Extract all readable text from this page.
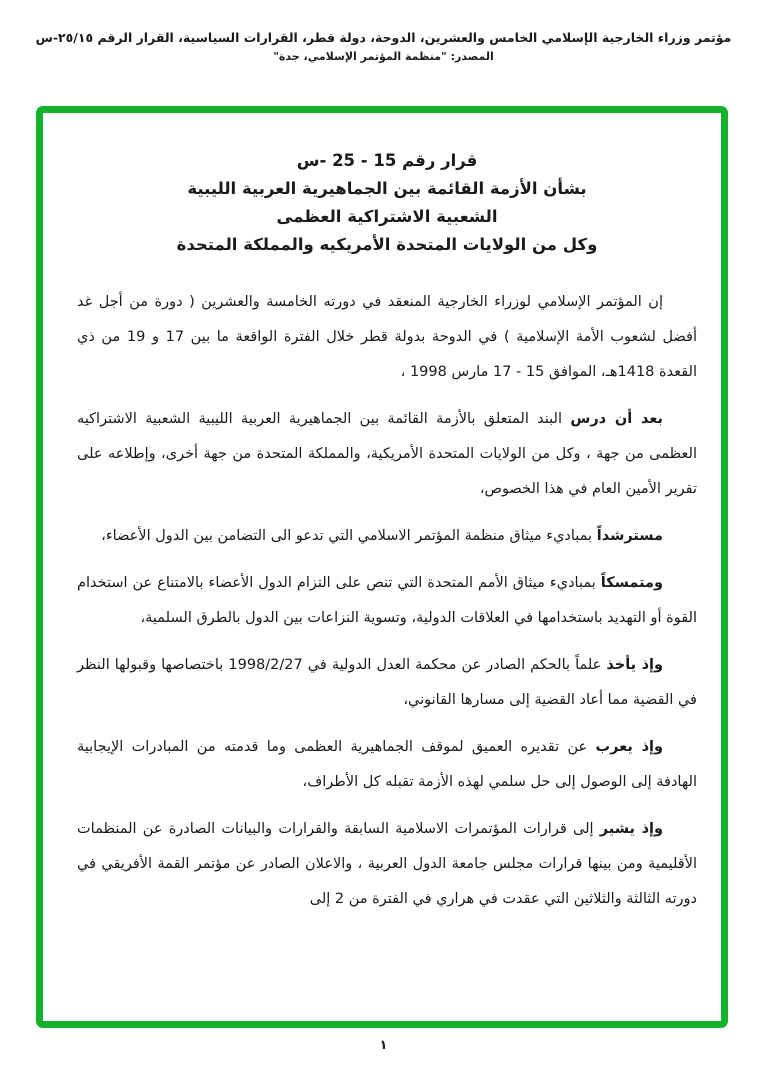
مؤتمر وزراء الخارجية الإسلامي الخامس والعشرين، الدوحة، دولة قطر، القرارات السياسية، القرار الرقم ٢٥/١٥-س
المصدر: "منظمة المؤتمر الإسلامي، جدة"
قرار رقم 15 - 25 -س
بشأن الأزمة القائمة بين الجماهيرية العربية الليبية
الشعبية الاشتراكية العظمى
وكل من الولايات المتحدة الأمريكيه والمملكة المتحدة

إن المؤتمر الإسلامي لوزراء الخارجية المنعقد في دورته الخامسة والعشرين ( دورة من أجل غد أفضل لشعوب الأمة الإسلامية ) في الدوحة بدولة قطر خلال الفترة الواقعة ما بين 17 و 19 من ذي القعدة 1418هـ، الموافق 15 - 17 مارس 1998 ،

بعد أن درس البند المتعلق بالأزمة القائمة بين الجماهيرية العربية الليبية الشعبية الاشتراكيه العظمى من جهة ، وكل من الولايات المتحدة الأمريكية، والمملكة المتحدة من جهة أخرى، وإطلاعه على تقرير الأمين العام في هذا الخصوص،

مسترشداً بمباديء ميثاق منظمة المؤتمر الاسلامي التي تدعو الى التضامن بين الدول الأعضاء،

ومتمسكاً بمباديء ميثاق الأمم المتحدة التي تنص على التزام الدول الأعضاء بالامتناع عن استخدام القوة أو التهديد باستخدامها في العلاقات الدولية، وتسوية النزاعات بين الدول بالطرق السلمية،

وإذ يأخذ علماً بالحكم الصادر عن محكمة العدل الدولية في 1998/2/27 باختصاصها وقبولها النظر في القضية مما أعاد القضية إلى مسارها القانوني،

وإذ يعرب عن تقديره العميق لموقف الجماهيرية العظمى وما قدمته من المبادرات الإيجابية الهادفة إلى الوصول إلى حل سلمي لهذه الأزمة تقبله كل الأطراف،

وإذ يشير إلى قرارات المؤتمرات الاسلامية السابقة والقرارات والبيانات الصادرة عن المنظمات الأقليمية ومن بينها قرارات مجلس جامعة الدول العربية ، والاعلان الصادر عن مؤتمر القمة الأفريقي في دورته الثالثة والثلاثين التي عقدت في هراري في الفترة من 2 إلى

١
